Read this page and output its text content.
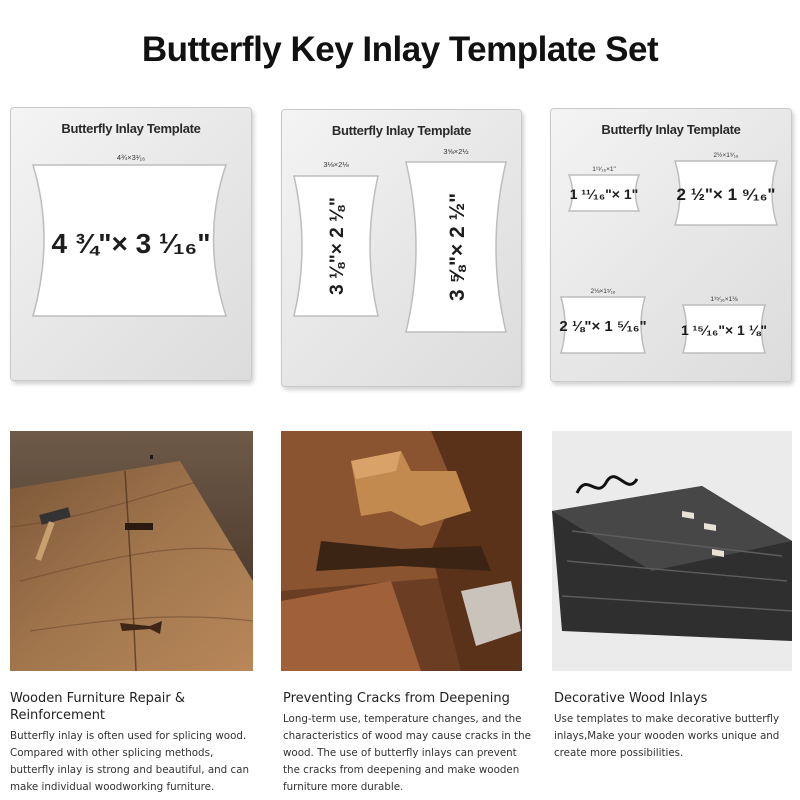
Butterfly Key Inlay Template Set
4¾×3¹⁄₁₆
4 ¾"× 3 ¹⁄₁₆"
Butterfly Inlay Template
3⅛×2⅛
3⅝×2½
3 ⅛"× 2 ⅛"	3 ⅝"× 2 ½"
Butterfly Inlay Template
1¹¹⁄₁₆×1"
2½×1⁹⁄₁₆
2⅛×1⁵⁄₁₆
1¹⁵⁄₁₆×1⅛
1 ¹¹⁄₁₆"× 1" 2 ½"× 1 ⁹⁄₁₆"
2 ⅛"× 1 ⁵⁄₁₆" 1 ¹⁵⁄₁₆"× 1 ⅛"
Butterfly Inlay Template
Wooden Furniture Repair & Reinforcement
Butterfly inlay is often used for splicing wood. Compared with other splicing methods, butterfly inlay is strong and beautiful, and can make individual woodworking furniture.
Preventing Cracks from Deepening
Long-term use, temperature changes, and the characteristics of wood may cause cracks in the wood. The use of butterfly inlays can prevent the cracks from deepening and make wooden furniture more durable.
Decorative Wood Inlays
Use templates to make decorative butterfly inlays,Make your wooden works unique and create more possibilities.
